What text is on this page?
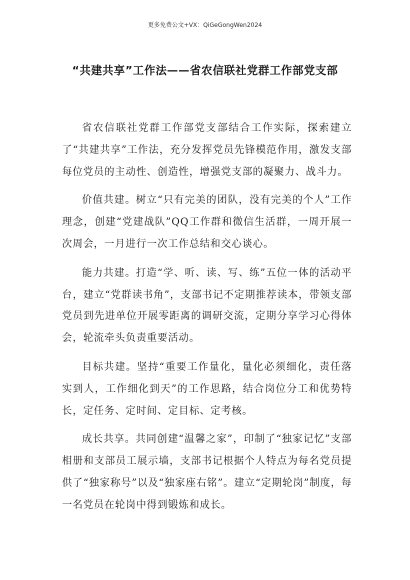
更多免费公文+VX：QiGeGongWen2024
“共建共享”工作法——省农信联社党群工作部党支部

省农信联社党群工作部党支部结合工作实际，探索建立了“共建共享”工作法，充分发挥党员先锋模范作用，激发支部每位党员的主动性、创造性，增强党支部的凝聚力、战斗力。

价值共建。树立“只有完美的团队，没有完美的个人”工作理念，创建“党建战队”QQ工作群和微信生活群，一周开展一次周会，一月进行一次工作总结和交心谈心。

能力共建。打造“学、听、读、写、练”五位一体的活动平台，建立“党群读书角”，支部书记不定期推荐读本，带领支部党员到先进单位开展零距离的调研交流，定期分享学习心得体会，轮流牵头负责重要活动。

目标共建。坚持“重要工作量化，量化必须细化，责任落实到人，工作细化到天”的工作思路，结合岗位分工和优势特长，定任务、定时间、定目标、定考核。

成长共享。共同创建“温馨之家”，印制了“独家记忆”支部相册和支部员工展示墙，支部书记根据个人特点为每名党员提供了“独家称号”以及“独家座右铭”。建立“定期轮岗”制度，每一名党员在轮岗中得到锻炼和成长。
